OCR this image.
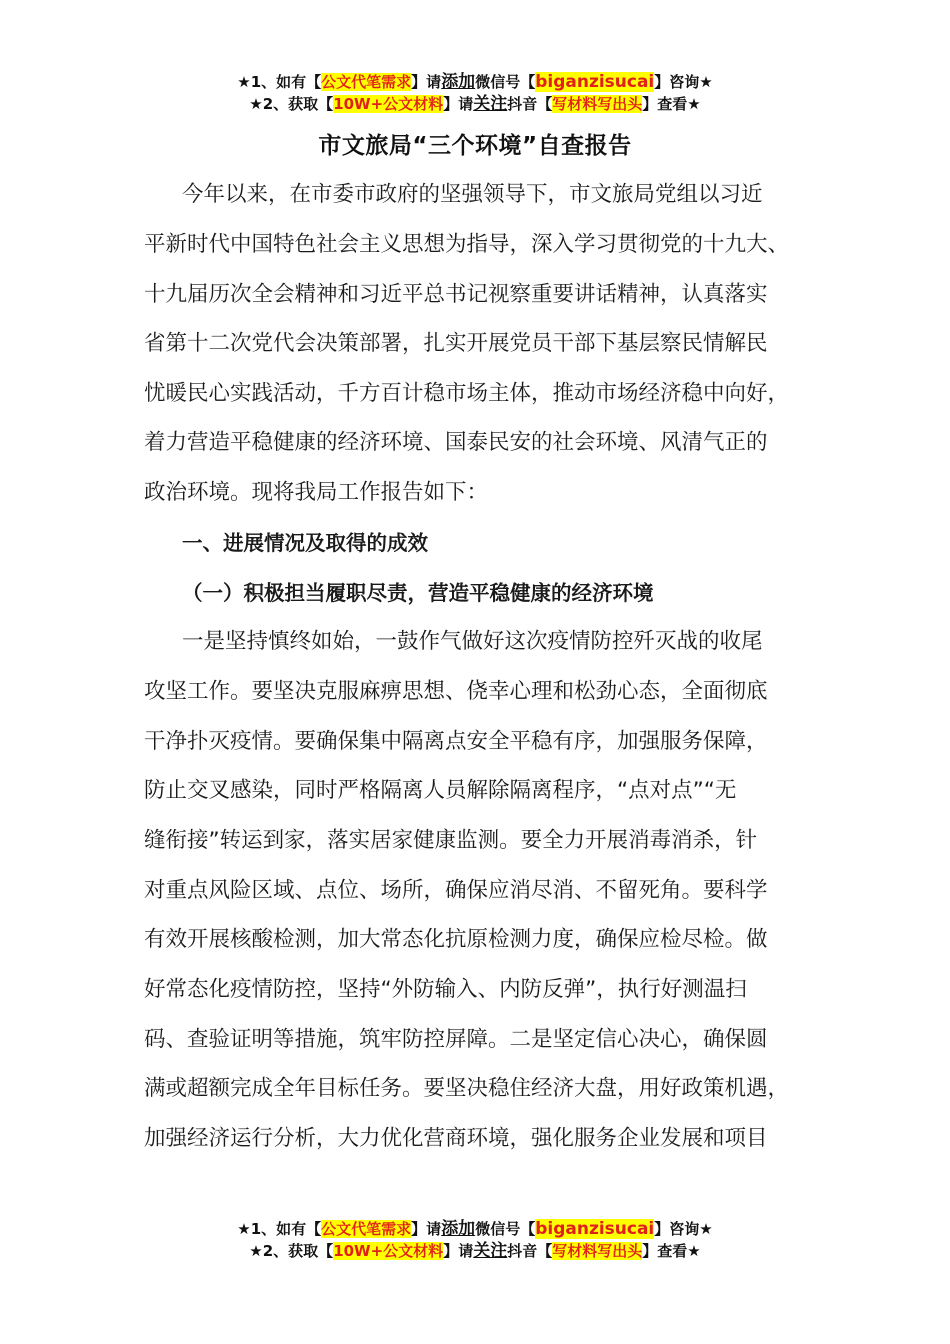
★1、如有【公文代笔需求】请添加微信号【biganzisucai】咨询★
★2、获取【10W+公文材料】请关注抖音【写材料写出头】查看★
市文旅局“三个环境”自查报告
今年以来，在市委市政府的坚强领导下，市文旅局党组以习近
平新时代中国特色社会主义思想为指导，深入学习贯彻党的十九大、
十九届历次全会精神和习近平总书记视察重要讲话精神，认真落实
省第十二次党代会决策部署，扎实开展党员干部下基层察民情解民
忧暖民心实践活动，千方百计稳市场主体，推动市场经济稳中向好，
着力营造平稳健康的经济环境、国泰民安的社会环境、风清气正的
政治环境。现将我局工作报告如下：
一、进展情况及取得的成效
（一）积极担当履职尽责，营造平稳健康的经济环境
一是坚持慎终如始，一鼓作气做好这次疫情防控歼灭战的收尾
攻坚工作。要坚决克服麻痹思想、侥幸心理和松劲心态，全面彻底
干净扑灭疫情。要确保集中隔离点安全平稳有序，加强服务保障，
防止交叉感染，同时严格隔离人员解除隔离程序，“点对点”“无
缝衔接”转运到家，落实居家健康监测。要全力开展消毒消杀，针
对重点风险区域、点位、场所，确保应消尽消、不留死角。要科学
有效开展核酸检测，加大常态化抗原检测力度，确保应检尽检。做
好常态化疫情防控，坚持“外防输入、内防反弹”，执行好测温扫
码、查验证明等措施，筑牢防控屏障。二是坚定信心决心，确保圆
满或超额完成全年目标任务。要坚决稳住经济大盘，用好政策机遇，
加强经济运行分析，大力优化营商环境，强化服务企业发展和项目
★1、如有【公文代笔需求】请添加微信号【biganzisucai】咨询★
★2、获取【10W+公文材料】请关注抖音【写材料写出头】查看★
